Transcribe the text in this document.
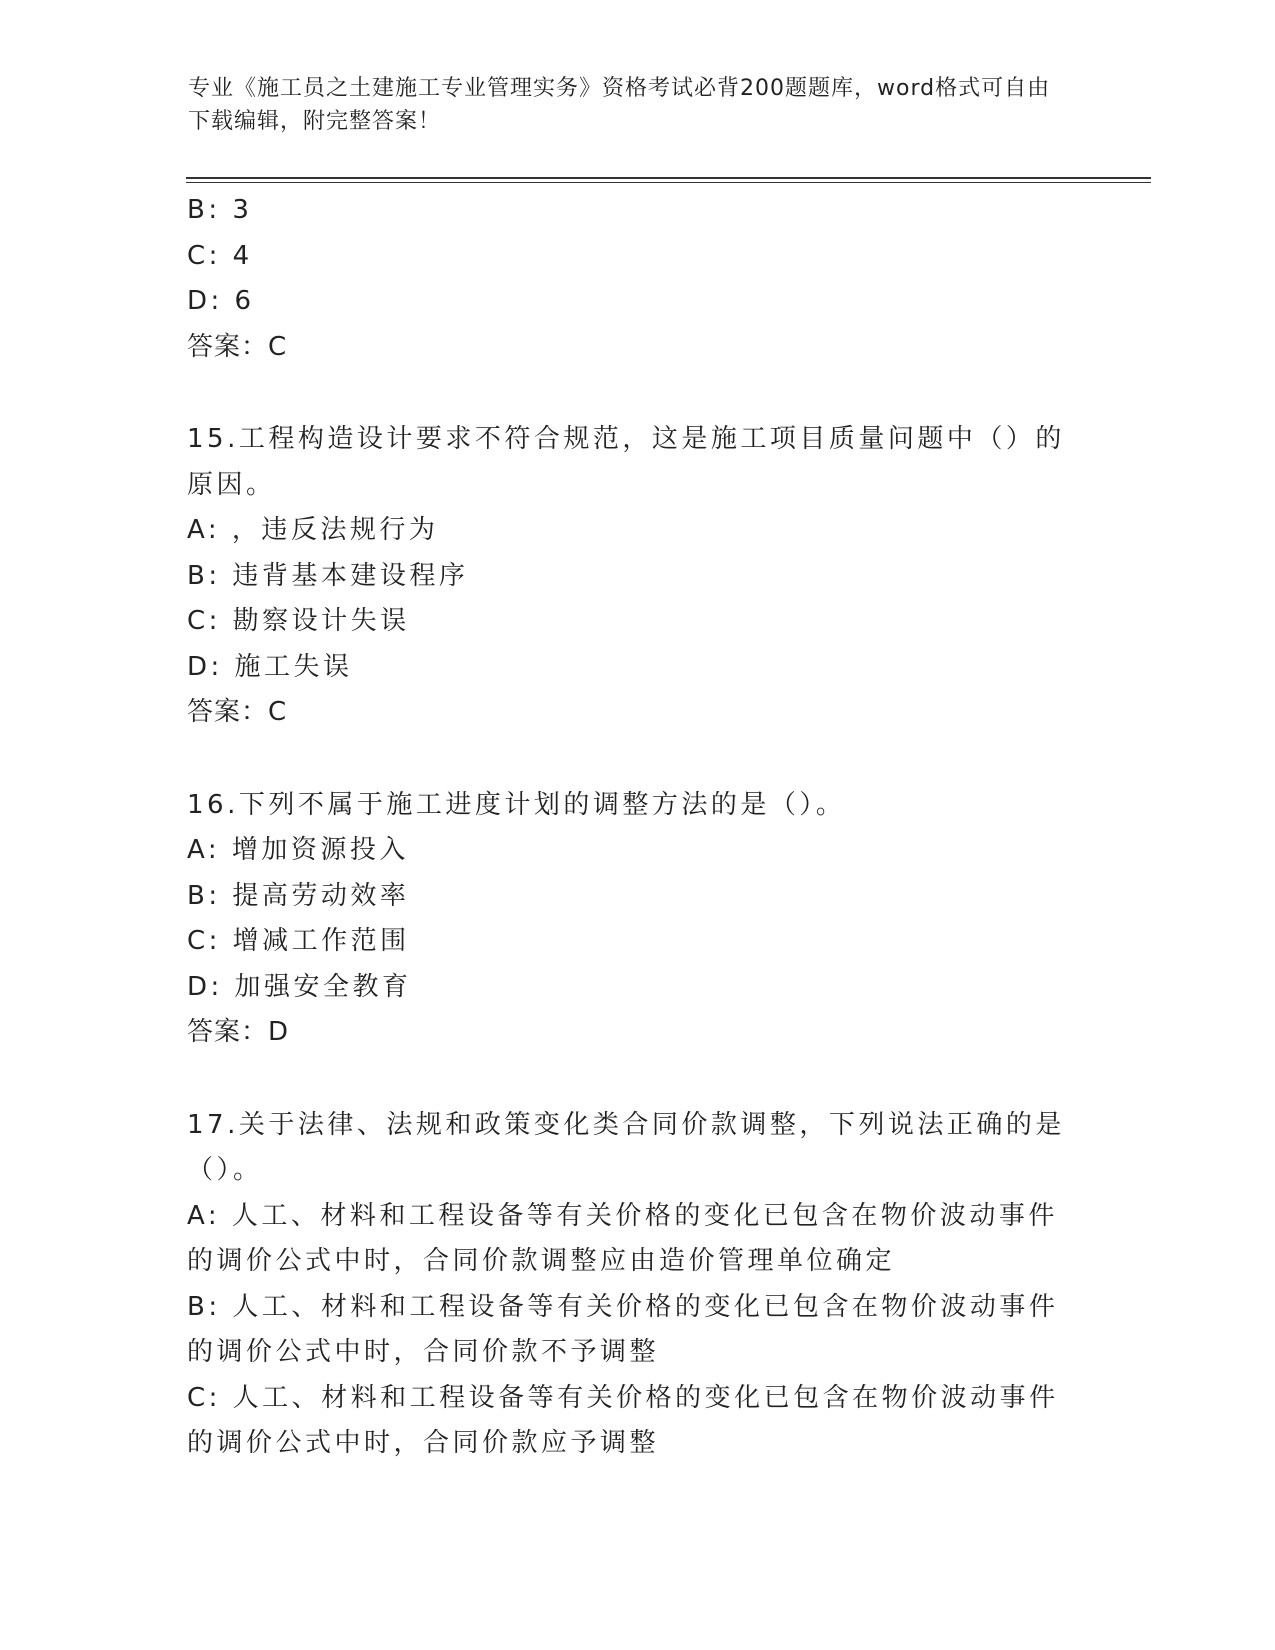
专业《施工员之土建施工专业管理实务》资格考试必背200题题库，word格式可自由下载编辑，附完整答案！
B: 3
C: 4
D: 6
答案：C
15.工程构造设计要求不符合规范，这是施工项目质量问题中（）的原因。
A: ，违反法规行为
B: 违背基本建设程序
C: 勘察设计失误
D: 施工失误
答案：C
16.下列不属于施工进度计划的调整方法的是（）。
A: 增加资源投入
B: 提高劳动效率
C: 增减工作范围
D: 加强安全教育
答案：D
17.关于法律、法规和政策变化类合同价款调整，下列说法正确的是（）。
A: 人工、材料和工程设备等有关价格的变化已包含在物价波动事件的调价公式中时，合同价款调整应由造价管理单位确定
B: 人工、材料和工程设备等有关价格的变化已包含在物价波动事件的调价公式中时，合同价款不予调整
C: 人工、材料和工程设备等有关价格的变化已包含在物价波动事件的调价公式中时，合同价款应予调整
